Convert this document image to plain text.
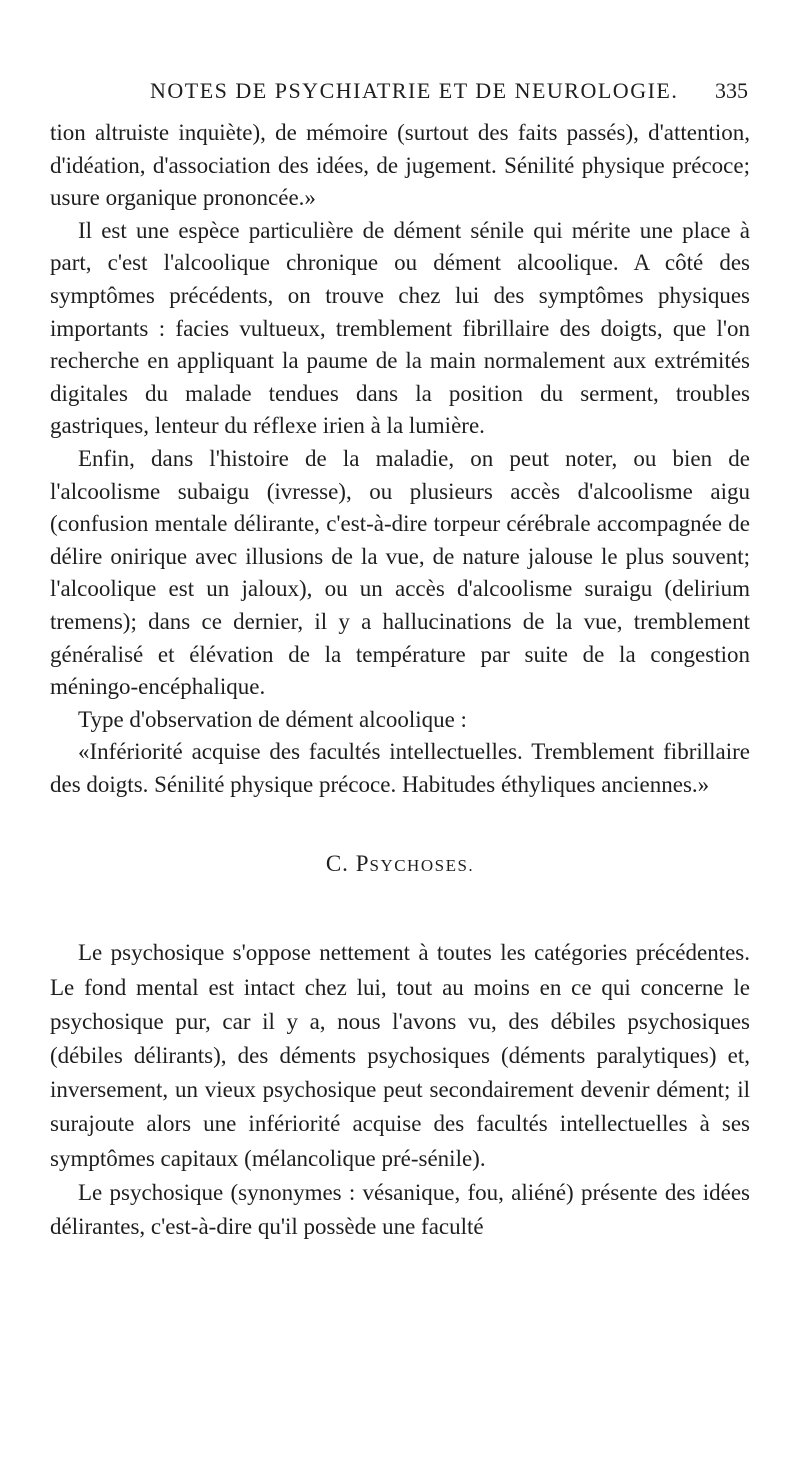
NOTES DE PSYCHIATRIE ET DE NEUROLOGIE. 335

tion altruiste inquiète), de mémoire (surtout des faits passés), d'attention, d'idéation, d'association des idées, de jugement. Sénilité physique précoce; usure organique prononcée.»

Il est une espèce particulière de dément sénile qui mérite une place à part, c'est l'alcoolique chronique ou dément alcoolique. A côté des symptômes précédents, on trouve chez lui des symptômes physiques importants : facies vultueux, tremblement fibrillaire des doigts, que l'on recherche en appliquant la paume de la main normalement aux extrémités digitales du malade tendues dans la position du serment, troubles gastriques, lenteur du réflexe irien à la lumière.

Enfin, dans l'histoire de la maladie, on peut noter, ou bien de l'alcoolisme subaigu (ivresse), ou plusieurs accès d'alcoolisme aigu (confusion mentale délirante, c'est-à-dire torpeur cérébrale accompagnée de délire onirique avec illusions de la vue, de nature jalouse le plus souvent; l'alcoolique est un jaloux), ou un accès d'alcoolisme suraigu (delirium tremens); dans ce dernier, il y a hallucinations de la vue, tremblement généralisé et élévation de la température par suite de la congestion méningo-encéphalique.

Type d'observation de dément alcoolique :

«Infériorité acquise des facultés intellectuelles. Tremblement fibrillaire des doigts. Sénilité physique précoce. Habitudes éthyliques anciennes.»

C. PSYCHOSES.

Le psychosique s'oppose nettement à toutes les catégories précédentes. Le fond mental est intact chez lui, tout au moins en ce qui concerne le psychosique pur, car il y a, nous l'avons vu, des débiles psychosiques (débiles délirants), des déments psychosiques (déments paralytiques) et, inversement, un vieux psychosique peut secondairement devenir dément; il surajoute alors une infériorité acquise des facultés intellectuelles à ses symptômes capitaux (mélancolique pré-sénile).

Le psychosique (synonymes : vésanique, fou, aliéné) présente des idées délirantes, c'est-à-dire qu'il possède une faculté
